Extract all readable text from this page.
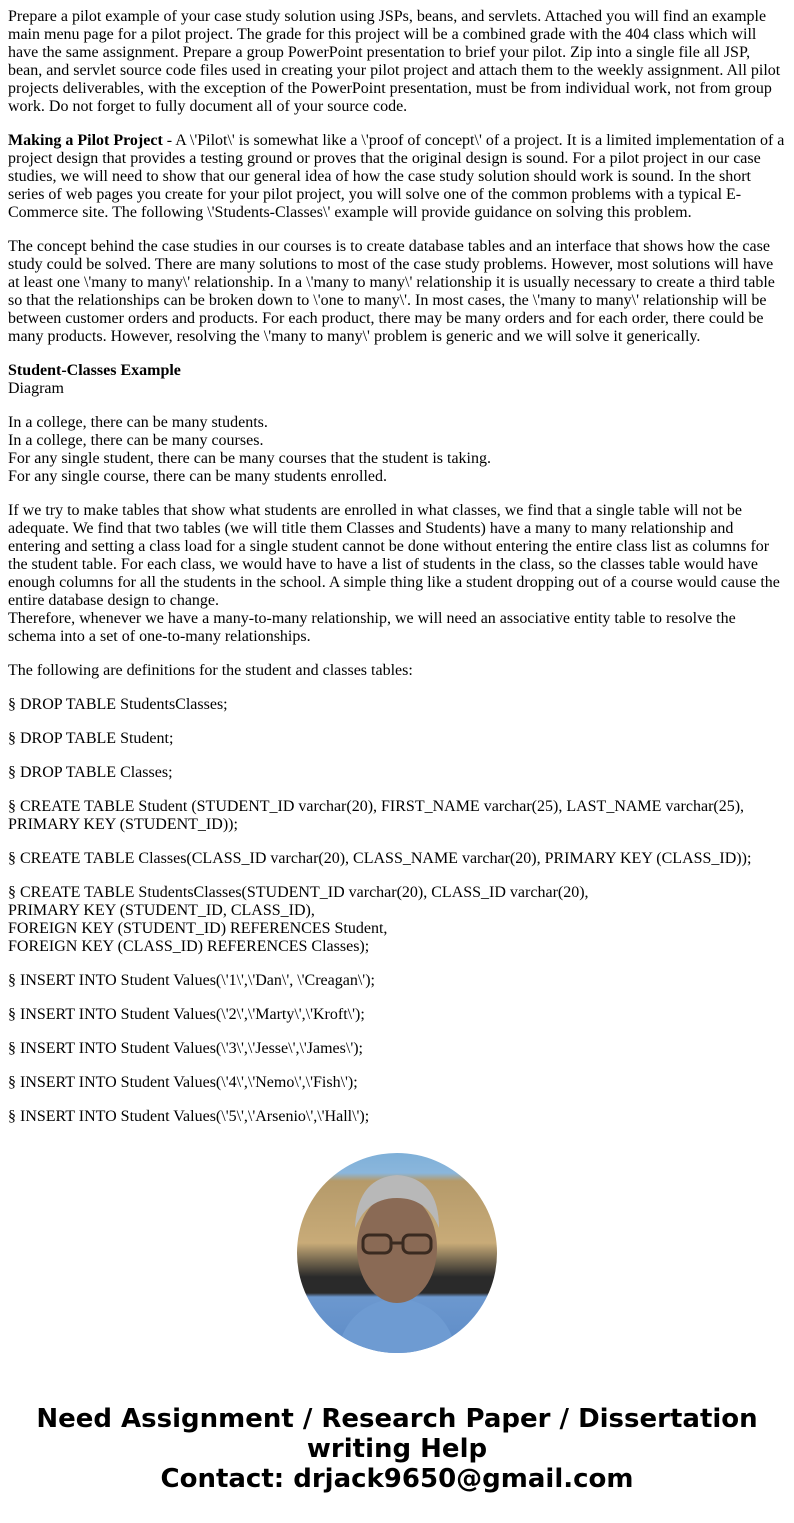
Prepare a pilot example of your case study solution using JSPs, beans, and servlets. Attached you will find an example main menu page for a pilot project. The grade for this project will be a combined grade with the 404 class which will have the same assignment. Prepare a group PowerPoint presentation to brief your pilot. Zip into a single file all JSP, bean, and servlet source code files used in creating your pilot project and attach them to the weekly assignment. All pilot projects deliverables, with the exception of the PowerPoint presentation, must be from individual work, not from group work. Do not forget to fully document all of your source code.

Making a Pilot Project - A \'Pilot\' is somewhat like a \'proof of concept\' of a project. It is a limited implementation of a project design that provides a testing ground or proves that the original design is sound. For a pilot project in our case studies, we will need to show that our general idea of how the case study solution should work is sound. In the short series of web pages you create for your pilot project, you will solve one of the common problems with a typical E-Commerce site. The following \'Students-Classes\' example will provide guidance on solving this problem.

The concept behind the case studies in our courses is to create database tables and an interface that shows how the case study could be solved. There are many solutions to most of the case study problems. However, most solutions will have at least one \'many to many\' relationship. In a \'many to many\' relationship it is usually necessary to create a third table so that the relationships can be broken down to \'one to many\'. In most cases, the \'many to many\' relationship will be between customer orders and products. For each product, there may be many orders and for each order, there could be many products. However, resolving the \'many to many\' problem is generic and we will solve it generically.

Student-Classes Example
Diagram

In a college, there can be many students.
In a college, there can be many courses.
For any single student, there can be many courses that the student is taking.
For any single course, there can be many students enrolled.

If we try to make tables that show what students are enrolled in what classes, we find that a single table will not be adequate. We find that two tables (we will title them Classes and Students) have a many to many relationship and entering and setting a class load for a single student cannot be done without entering the entire class list as columns for the student table. For each class, we would have to have a list of students in the class, so the classes table would have enough columns for all the students in the school. A simple thing like a student dropping out of a course would cause the entire database design to change.
Therefore, whenever we have a many-to-many relationship, we will need an associative entity table to resolve the schema into a set of one-to-many relationships.

The following are definitions for the student and classes tables:

§ DROP TABLE StudentsClasses;

§ DROP TABLE Student;

§ DROP TABLE Classes;

§ CREATE TABLE Student (STUDENT_ID varchar(20), FIRST_NAME varchar(25), LAST_NAME varchar(25), PRIMARY KEY (STUDENT_ID));

§ CREATE TABLE Classes(CLASS_ID varchar(20), CLASS_NAME varchar(20), PRIMARY KEY (CLASS_ID));

§ CREATE TABLE StudentsClasses(STUDENT_ID varchar(20), CLASS_ID varchar(20),
PRIMARY KEY (STUDENT_ID, CLASS_ID),
FOREIGN KEY (STUDENT_ID) REFERENCES Student,
FOREIGN KEY (CLASS_ID) REFERENCES Classes);

§ INSERT INTO Student Values(\'1\',\'Dan\', \'Creagan\');

§ INSERT INTO Student Values(\'2\',\'Marty\',\'Kroft\');

§ INSERT INTO Student Values(\'3\',\'Jesse\',\'James\');

§ INSERT INTO Student Values(\'4\',\'Nemo\',\'Fish\');

§ INSERT INTO Student Values(\'5\',\'Arsenio\',\'Hall\');

Need Assignment / Research Paper / Dissertation writing Help
Contact: drjack9650@gmail.com
